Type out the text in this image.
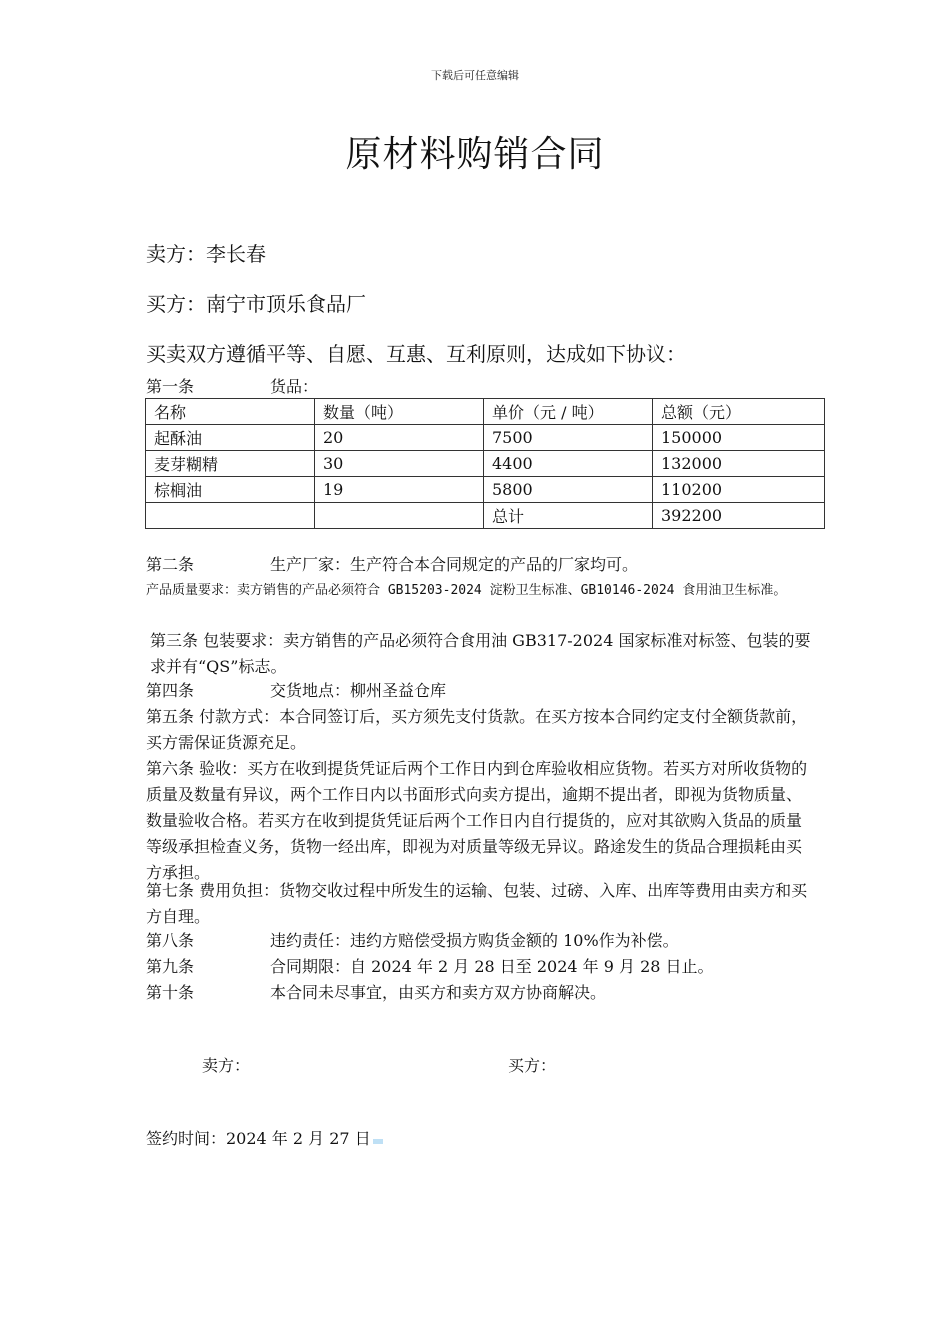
下载后可任意编辑
原材料购销合同
卖方：李长春
买方：南宁市顶乐食品厂
买卖双方遵循平等、自愿、互惠、互利原则，达成如下协议：
第一条	货品：
名称	数量（吨）	单价（元 / 吨）	总额（元）
起酥油	20	7500	150000
麦芽糊精	30	4400	132000
棕榈油	19	5800	110200
		总计	392200
第二条	生产厂家：生产符合本合同规定的产品的厂家均可。
产品质量要求：卖方销售的产品必须符合 GB15203-2024 淀粉卫生标准、GB10146-2024 食用油卫生标准。
第三条 包装要求：卖方销售的产品必须符合食用油 GB317-2024 国家标准对标签、包装的要求并有“QS”标志。
第四条	交货地点：柳州圣益仓库
第五条 付款方式：本合同签订后，买方须先支付货款。在买方按本合同约定支付全额货款前，买方需保证货源充足。
第六条 验收：买方在收到提货凭证后两个工作日内到仓库验收相应货物。若买方对所收货物的质量及数量有异议，两个工作日内以书面形式向卖方提出，逾期不提出者，即视为货物质量、数量验收合格。若买方在收到提货凭证后两个工作日内自行提货的，应对其欲购入货品的质量等级承担检查义务，货物一经出库，即视为对质量等级无异议。路途发生的货品合理损耗由买方承担。
第七条 费用负担：货物交收过程中所发生的运输、包装、过磅、入库、出库等费用由卖方和买方自理。
第八条	违约责任：违约方赔偿受损方购货金额的 10%作为补偿。
第九条	合同期限：自 2024 年 2 月 28 日至 2024 年 9 月 28 日止。
第十条	本合同未尽事宜，由买方和卖方双方协商解决。
卖方：	买方：
签约时间：2024 年 2 月 27 日
